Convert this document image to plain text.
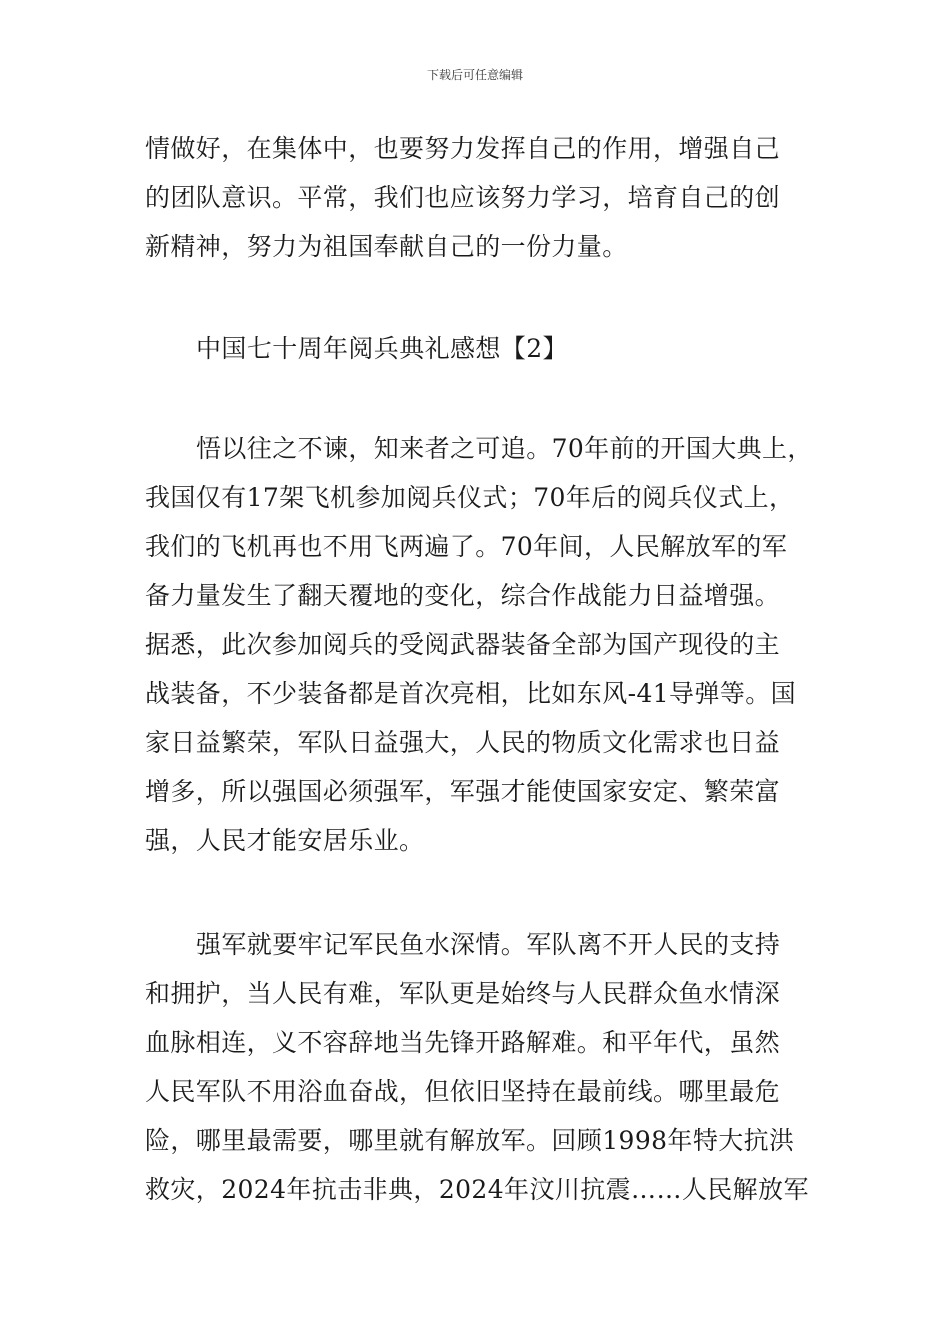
下载后可任意编辑
情做好，在集体中，也要努力发挥自己的作用，增强自己
的团队意识。平常，我们也应该努力学习，培育自己的创
新精神，努力为祖国奉献自己的一份力量。
中国七十周年阅兵典礼感想【2】
悟以往之不谏，知来者之可追。70年前的开国大典上，
我国仅有17架飞机参加阅兵仪式；70年后的阅兵仪式上，
我们的飞机再也不用飞两遍了。70年间，人民解放军的军
备力量发生了翻天覆地的变化，综合作战能力日益增强。
据悉，此次参加阅兵的受阅武器装备全部为国产现役的主
战装备，不少装备都是首次亮相，比如东风-41导弹等。国
家日益繁荣，军队日益强大，人民的物质文化需求也日益
增多，所以强国必须强军，军强才能使国家安定、繁荣富
强，人民才能安居乐业。
强军就要牢记军民鱼水深情。军队离不开人民的支持
和拥护，当人民有难，军队更是始终与人民群众鱼水情深
血脉相连，义不容辞地当先锋开路解难。和平年代，虽然
人民军队不用浴血奋战，但依旧坚持在最前线。哪里最危
险，哪里最需要，哪里就有解放军。回顾1998年特大抗洪
救灾，2024年抗击非典，2024年汶川抗震……人民解放军
